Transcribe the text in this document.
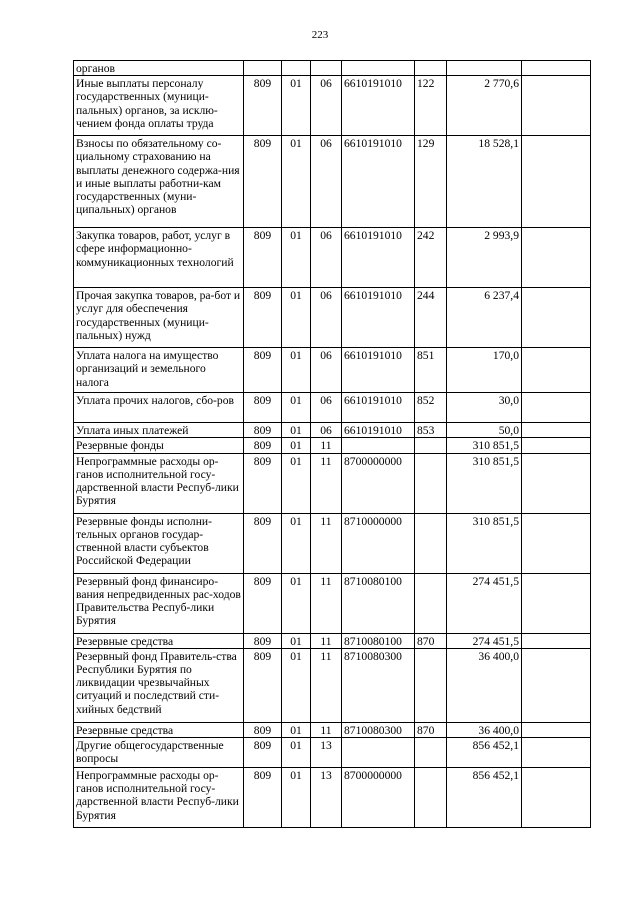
223
органов							
Иные выплаты персоналу государственных (муници-пальных) органов, за исклю-чением фонда оплаты труда	809	01	06	6610191010	122	2 770,6	
Взносы по обязательному со-циальному страхованию на выплаты денежного содержа-ния и иные выплаты работни-кам государственных (муни-ципальных) органов	809	01	06	6610191010	129	18 528,1	
Закупка товаров, работ, услуг в сфере информационно-коммуникационных технологий	809	01	06	6610191010	242	2 993,9	
Прочая закупка товаров, ра-бот и услуг для обеспечения государственных (муници-пальных) нужд	809	01	06	6610191010	244	6 237,4	
Уплата налога на имущество организаций и земельного налога	809	01	06	6610191010	851	170,0	
Уплата прочих налогов, сбо-ров	809	01	06	6610191010	852	30,0	
Уплата иных платежей	809	01	06	6610191010	853	50,0	
Резервные фонды	809	01	11			310 851,5	
Непрограммные расходы ор-ганов исполнительной госу-дарственной власти Респуб-лики Бурятия	809	01	11	8700000000		310 851,5	
Резервные фонды исполни-тельных органов государ-ственной власти субъектов Российской Федерации	809	01	11	8710000000		310 851,5	
Резервный фонд финансиро-вания непредвиденных рас-ходов Правительства Респуб-лики Бурятия	809	01	11	8710080100		274 451,5	
Резервные средства	809	01	11	8710080100	870	274 451,5	
Резервный фонд Правитель-ства Республики Бурятия по ликвидации чрезвычайных ситуаций и последствий сти-хийных бедствий	809	01	11	8710080300		36 400,0	
Резервные средства	809	01	11	8710080300	870	36 400,0	
Другие общегосударственные вопросы	809	01	13			856 452,1	
Непрограммные расходы ор-ганов исполнительной госу-дарственной власти Респуб-лики Бурятия	809	01	13	8700000000		856 452,1	
